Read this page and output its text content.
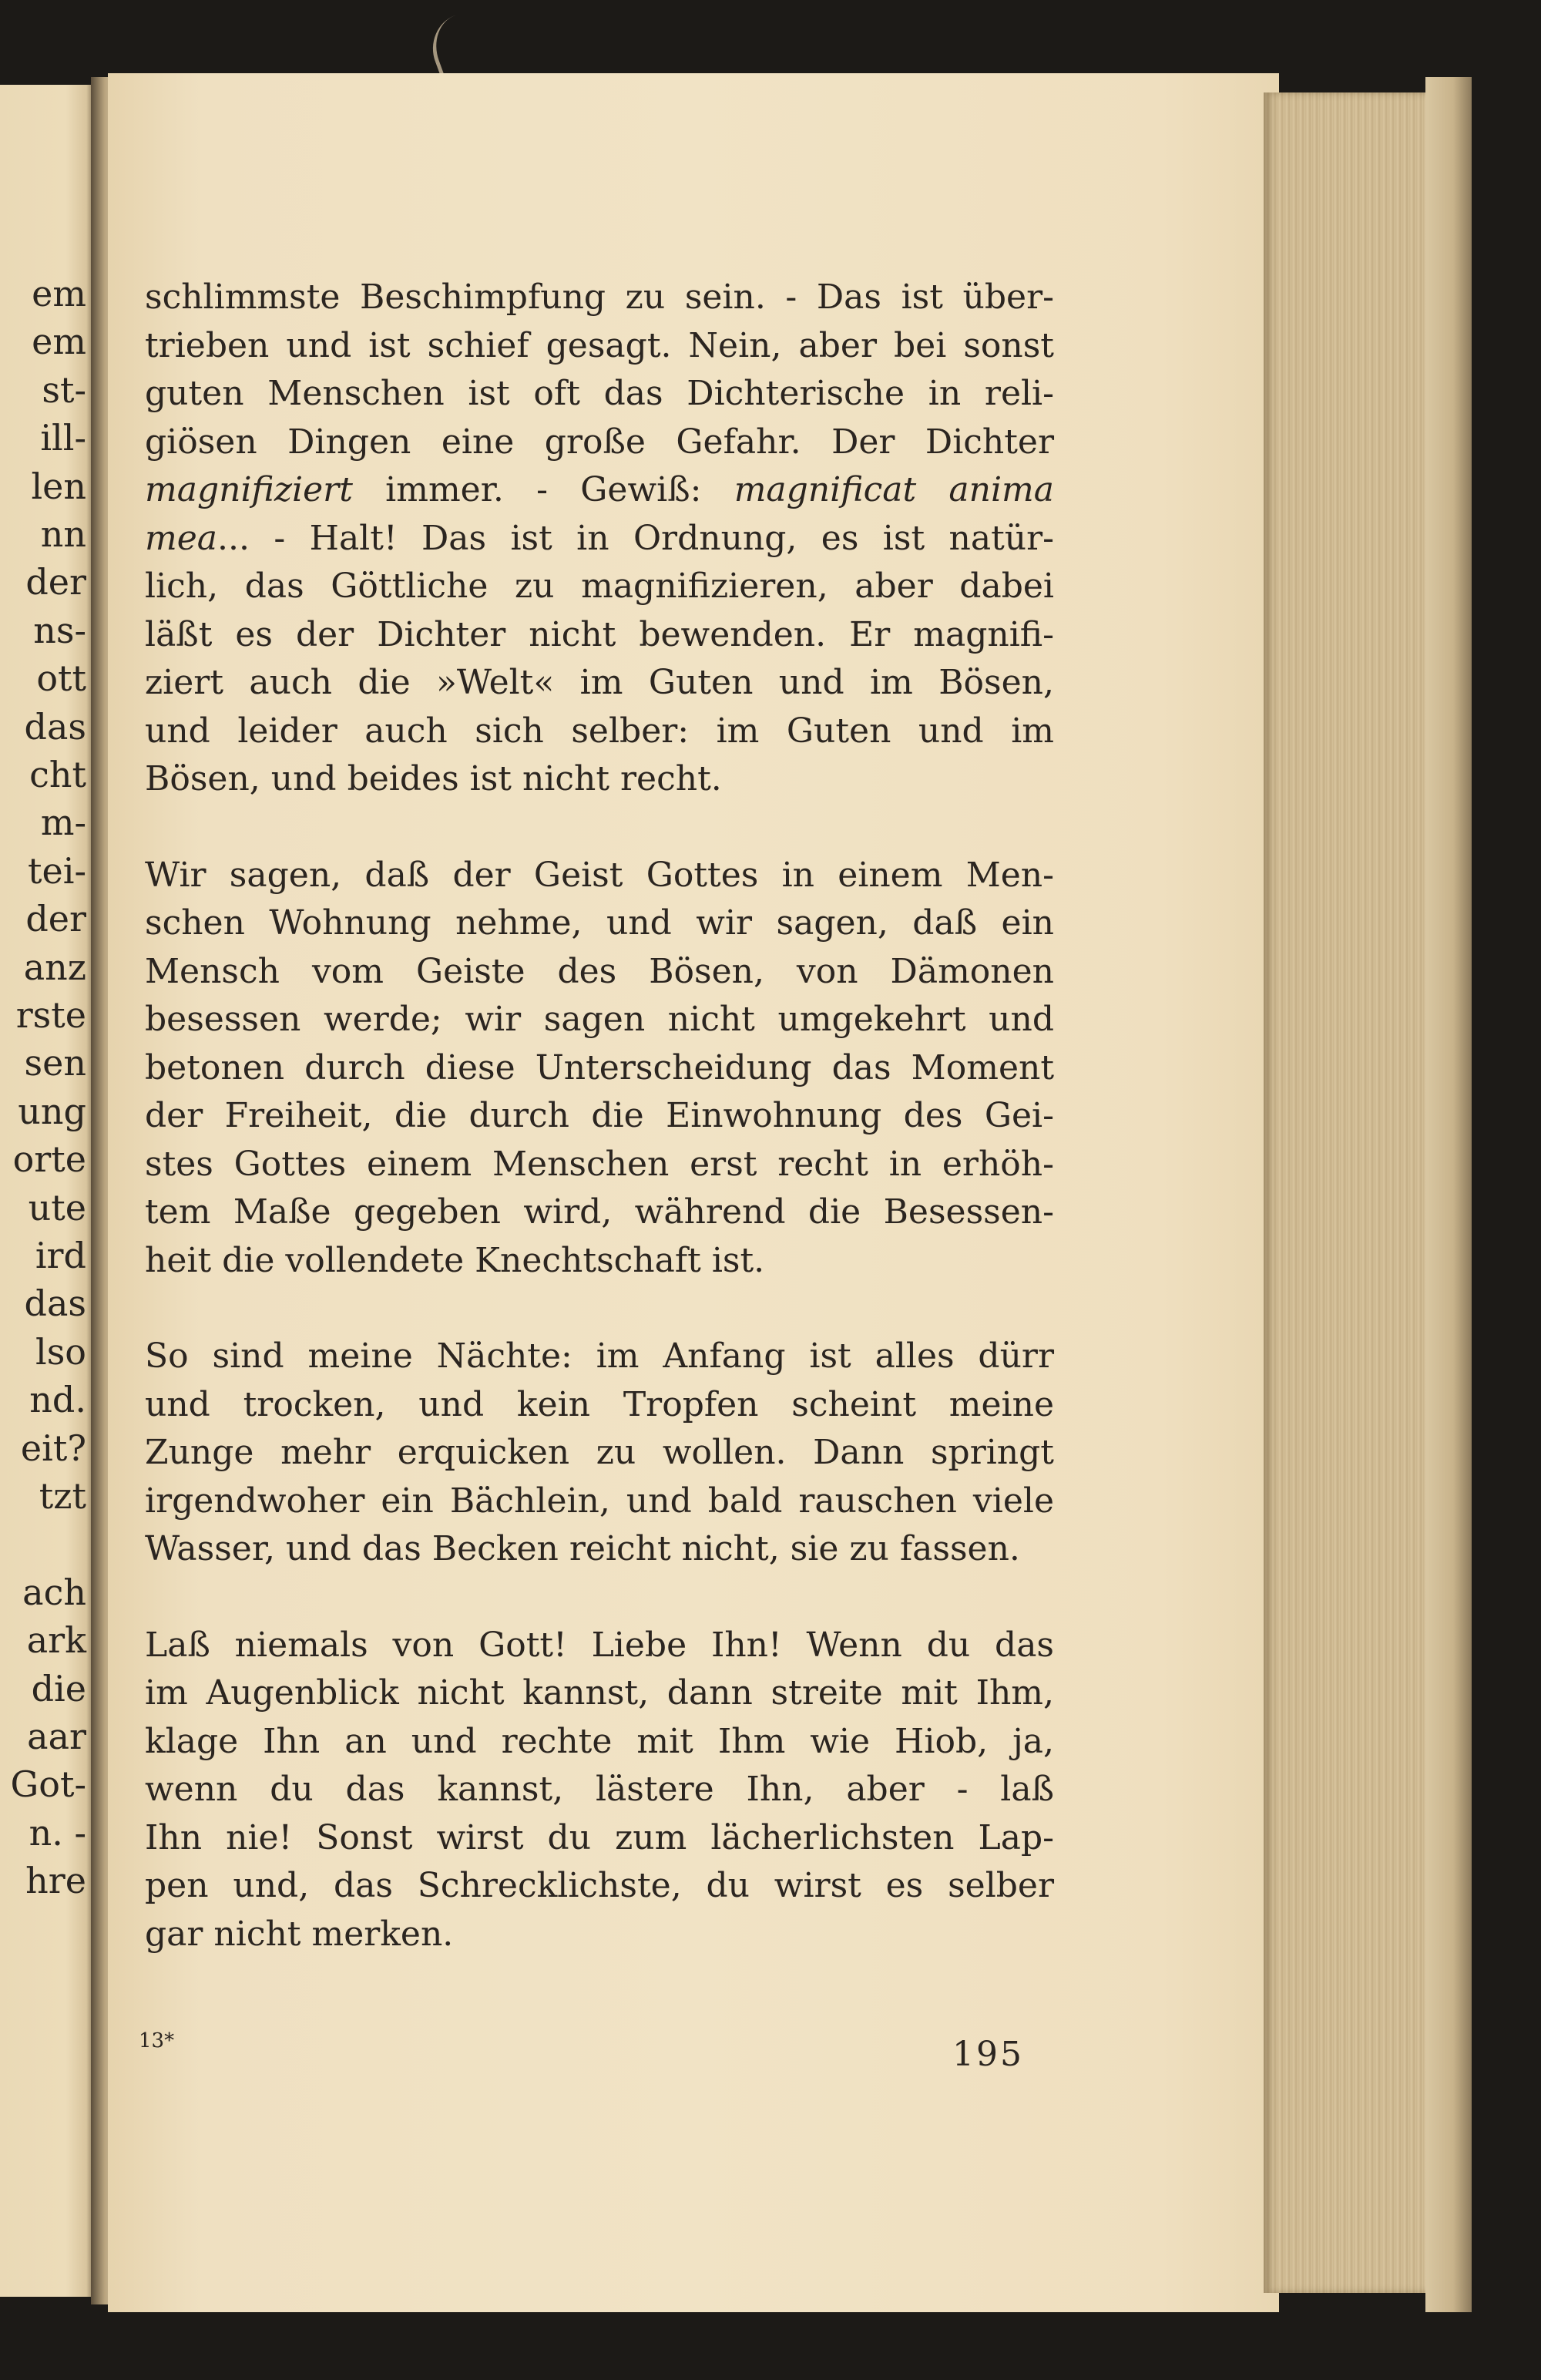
em
em
st-
ill-
len
nn
der
ns-
ott
das
cht
m-
tei-
der
anz
rste
sen
ung
orte
ute
ird
das
lso
nd.
eit?
tzt
ach
ark
die
aar
Got-
n. -
hre
schlimmste Beschimpfung zu sein. - Das ist über-
trieben und ist schief gesagt. Nein, aber bei sonst
guten Menschen ist oft das Dichterische in reli-
giösen Dingen eine große Gefahr. Der Dichter
magnifiziert immer. - Gewiß: magnificat anima
mea... - Halt! Das ist in Ordnung, es ist natür-
lich, das Göttliche zu magnifizieren, aber dabei
läßt es der Dichter nicht bewenden. Er magnifi-
ziert auch die »Welt« im Guten und im Bösen,
und leider auch sich selber: im Guten und im
Bösen, und beides ist nicht recht.
Wir sagen, daß der Geist Gottes in einem Men-
schen Wohnung nehme, und wir sagen, daß ein
Mensch vom Geiste des Bösen, von Dämonen
besessen werde; wir sagen nicht umgekehrt und
betonen durch diese Unterscheidung das Moment
der Freiheit, die durch die Einwohnung des Gei-
stes Gottes einem Menschen erst recht in erhöh-
tem Maße gegeben wird, während die Besessen-
heit die vollendete Knechtschaft ist.
So sind meine Nächte: im Anfang ist alles dürr
und trocken, und kein Tropfen scheint meine
Zunge mehr erquicken zu wollen. Dann springt
irgendwoher ein Bächlein, und bald rauschen viele
Wasser, und das Becken reicht nicht, sie zu fassen.
Laß niemals von Gott! Liebe Ihn! Wenn du das
im Augenblick nicht kannst, dann streite mit Ihm,
klage Ihn an und rechte mit Ihm wie Hiob, ja,
wenn du das kannst, lästere Ihn, aber - laß
Ihn nie! Sonst wirst du zum lächerlichsten Lap-
pen und, das Schrecklichste, du wirst es selber
gar nicht merken.
13*	195
